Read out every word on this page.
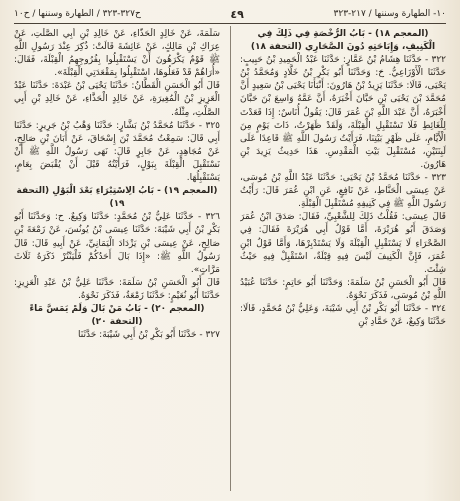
١٠- الطهارة وسننها / ٢١٧-٣٢٣
٤٩
ح٣٢٧-٣٢٣ / الطهارة وسننها / ح١٠

(المعجم ١٨) - بَابُ الرُّخْصَةِ فِي ذَلِكَ فِي الْكَنِيفِ، وَإِبَاحَتِهِ دُونَ الصَّحَارِي (التحفة ١٨)

٣٢٢ - حَدَّثَنَا هِشَامُ بْنُ عَمَّارٍ: حَدَّثَنَا عَبْدُ الْحَمِيدِ بْنُ حَبِيبٍ: حَدَّثَنَا الْأَوْزَاعِيُّ. حَ: وَحَدَّثَنَا أَبُو بَكْرِ بْنُ خَلَّادٍ وَمُحَمَّدُ بْنُ يَحْيَى، قَالَا: حَدَّثَنَا يَزِيدُ بْنُ هَارُونَ: أَنْبَأَنَا يَحْيَى بْنُ سَعِيدٍ أَنَّ مُحَمَّدَ بْنَ يَحْيَى بْنِ حَبَّانَ أَخْبَرَهُ، أَنَّ عَمَّهُ وَاسِعَ بْنَ حَبَّانَ أَخْبَرَهُ، أَنَّ عَبْدَ اللَّهِ بْنَ عُمَرَ قَالَ: يَقُولُ أُنَاسٌ: إِذَا قَعَدْتَ لِلْغَائِطِ فَلَا تَسْتَقْبِلِ الْقِبْلَةَ، وَلَقَدْ ظَهَرْتُ، ذَاتَ يَوْمٍ مِنَ الْأَيَّامِ، عَلَى ظَهْرِ بَيْتِنَا، فَرَأَيْتُ رَسُولَ اللَّهِ ﷺ قَاعِدًا عَلَى لَبِنَتَيْنِ، مُسْتَقْبِلَ بَيْتِ الْمَقْدِسِ. هَذَا حَدِيثُ يَزِيدَ بْنِ هَارُونَ.

٣٢٣ - حَدَّثَنَا مُحَمَّدُ بْنُ يَحْيَى: حَدَّثَنَا عَبْدُ اللَّهِ بْنُ مُوسَى، عَنْ عِيسَى الْحَنَّاطِ، عَنْ نَافِعٍ، عَنِ ابْنِ عُمَرَ قَالَ: رَأَيْتُ رَسُولَ اللَّهِ ﷺ فِي كَنِيفِهِ مُسْتَقْبِلَ الْقِبْلَةِ.

قَالَ عِيسَى: فَقُلْتُ ذَلِكَ لِلشَّعْبِيِّ، فَقَالَ: صَدَقَ ابْنُ عُمَرَ وَصَدَقَ أَبُو هُرَيْرَةَ، أَمَّا قَوْلُ أَبِي هُرَيْرَةَ فَقَالَ: فِي الصَّحْرَاءِ لَا يَسْتَقْبِلِ الْقِبْلَةَ وَلَا يَسْتَدْبِرْهَا، وَأَمَّا قَوْلُ ابْنِ عُمَرَ، فَإِنَّ الْكَنِيفَ لَيْسَ فِيهِ قِبْلَةٌ، اسْتَقْبِلْ فِيهِ حَيْثُ شِئْتَ.

قَالَ أَبُو الْحَسَنِ بْنُ سَلَمَةَ: وَحَدَّثَنَا أَبُو حَاتِمٍ: حَدَّثَنَا عُبَيْدُ اللَّهِ بْنُ مُوسَى، فَذَكَرَ نَحْوَهُ.

٣٢٤ - حَدَّثَنَا أَبُو بَكْرِ بْنُ أَبِي شَيْبَةَ، وَعَلِيُّ بْنُ مُحَمَّدٍ، قَالَا: حَدَّثَنَا وَكِيعٌ، عَنْ حَمَّادِ بْنِ

سَلَمَةَ، عَنْ خَالِدٍ الْحَذَّاءِ، عَنْ خَالِدِ بْنِ أَبِي الصَّلْتِ، عَنْ عِرَاكِ بْنِ مَالِكٍ، عَنْ عَائِشَةَ قَالَتْ: ذُكِرَ عِنْدَ رَسُولِ اللَّهِ ﷺ قَوْمٌ يَكْرَهُونَ أَنْ يَسْتَقْبِلُوا بِفُرُوجِهِمُ الْقِبْلَةَ، فَقَالَ: «أُرَاهُمْ قَدْ فَعَلُوهَا، اسْتَقْبِلُوا بِمَقْعَدَتِي الْقِبْلَةَ».

قَالَ أَبُو الْحَسَنِ الْقَطَّانُ: حَدَّثَنَا يَحْيَى بْنُ عَبْدَةَ: حَدَّثَنَا عَبْدُ الْعَزِيزِ بْنُ الْمُغِيرَةِ، عَنْ خَالِدٍ الْحَذَّاءِ، عَنْ خَالِدِ بْنِ أَبِي الصَّلْتِ، مِثْلَهُ.

٣٢٥ - حَدَّثَنَا مُحَمَّدُ بْنُ بَشَّارٍ: حَدَّثَنَا وَهْبُ بْنُ جَرِيرٍ: حَدَّثَنَا أَبِي قَالَ: سَمِعْتُ مُحَمَّدَ بْنَ إِسْحَاقَ، عَنْ أَبَانَ بْنِ صَالِحٍ، عَنْ مُجَاهِدٍ، عَنْ جَابِرٍ قَالَ: نَهَى رَسُولُ اللَّهِ ﷺ أَنْ نَسْتَقْبِلَ الْقِبْلَةَ بِبَوْلٍ، فَرَأَيْتُهُ قَبْلَ أَنْ يُقْبَضَ بِعَامٍ، يَسْتَقْبِلُهَا.

(المعجم ١٩) - بَابُ الِاسْتِبْرَاءِ بَعْدَ الْبَوْلِ (التحفة ١٩)

٣٢٦ - حَدَّثَنَا عَلِيُّ بْنُ مُحَمَّدٍ: حَدَّثَنَا وَكِيعٌ. ح: وَحَدَّثَنَا أَبُو بَكْرِ بْنُ أَبِي شَيْبَةَ: حَدَّثَنَا عِيسَى بْنُ يُونُسَ، عَنْ زَمْعَةَ بْنِ صَالِحٍ، عَنْ عِيسَى بْنِ يَزْدَادَ الْيَمَانِيِّ، عَنْ أَبِيهِ قَالَ: قَالَ رَسُولُ اللَّهِ ﷺ: «إِذَا بَالَ أَحَدُكُمْ فَلْيَنْتُرْ ذَكَرَهُ ثَلَاثَ مَرَّاتٍ».

قَالَ أَبُو الْحَسَنِ بْنُ سَلَمَةَ: حَدَّثَنَا عَلِيُّ بْنُ عَبْدِ الْعَزِيزِ: حَدَّثَنَا أَبُو نُعَيْمٍ: حَدَّثَنَا زَمْعَةُ، فَذَكَرَ نَحْوَهُ.

(المعجم ٢٠) - بَابُ مَنْ بَالَ وَلَمْ يَمَسَّ مَاءً (التحفة ٢٠)

٣٢٧ - حَدَّثَنَا أَبُو بَكْرِ بْنُ أَبِي شَيْبَةَ: حَدَّثَنَا
